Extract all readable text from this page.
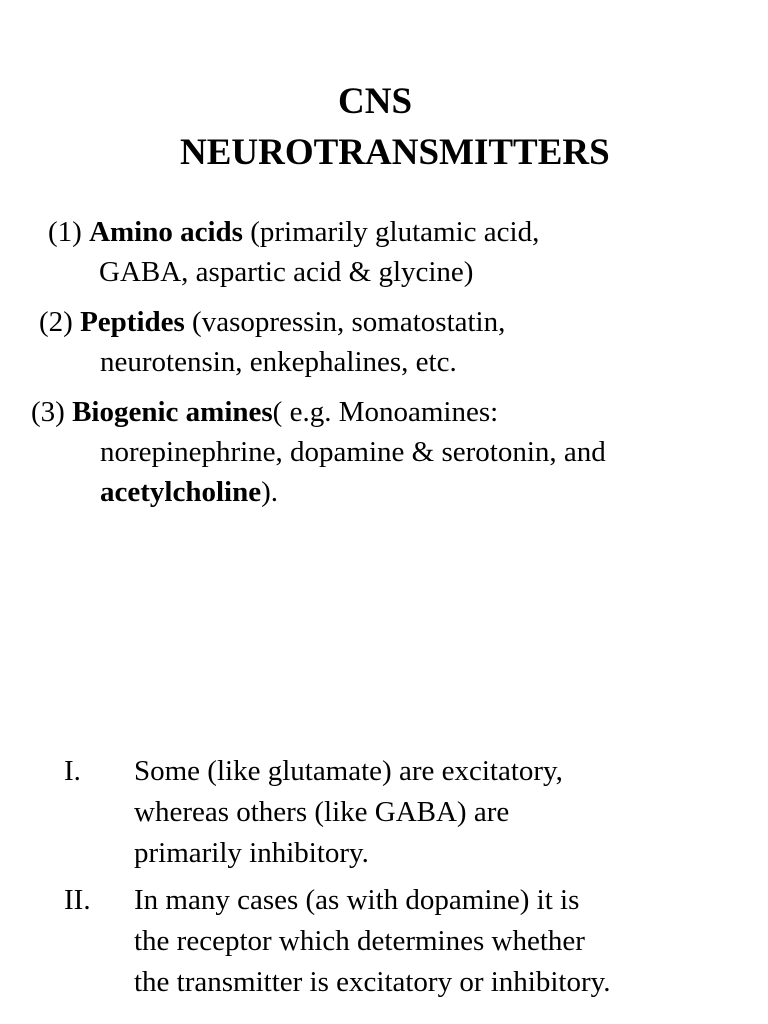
CNS
NEUROTRANSMITTERS
(1) Amino acids (primarily glutamic acid,
GABA, aspartic acid & glycine)
(2) Peptides (vasopressin, somatostatin,
neurotensin, enkephalines, etc.
(3) Biogenic amines( e.g. Monoamines:
norepinephrine, dopamine & serotonin, and
acetylcholine).
I. Some (like glutamate) are excitatory,
whereas others (like GABA) are
primarily inhibitory.
II. In many cases (as with dopamine) it is
the receptor which determines whether
the transmitter is excitatory or inhibitory.
